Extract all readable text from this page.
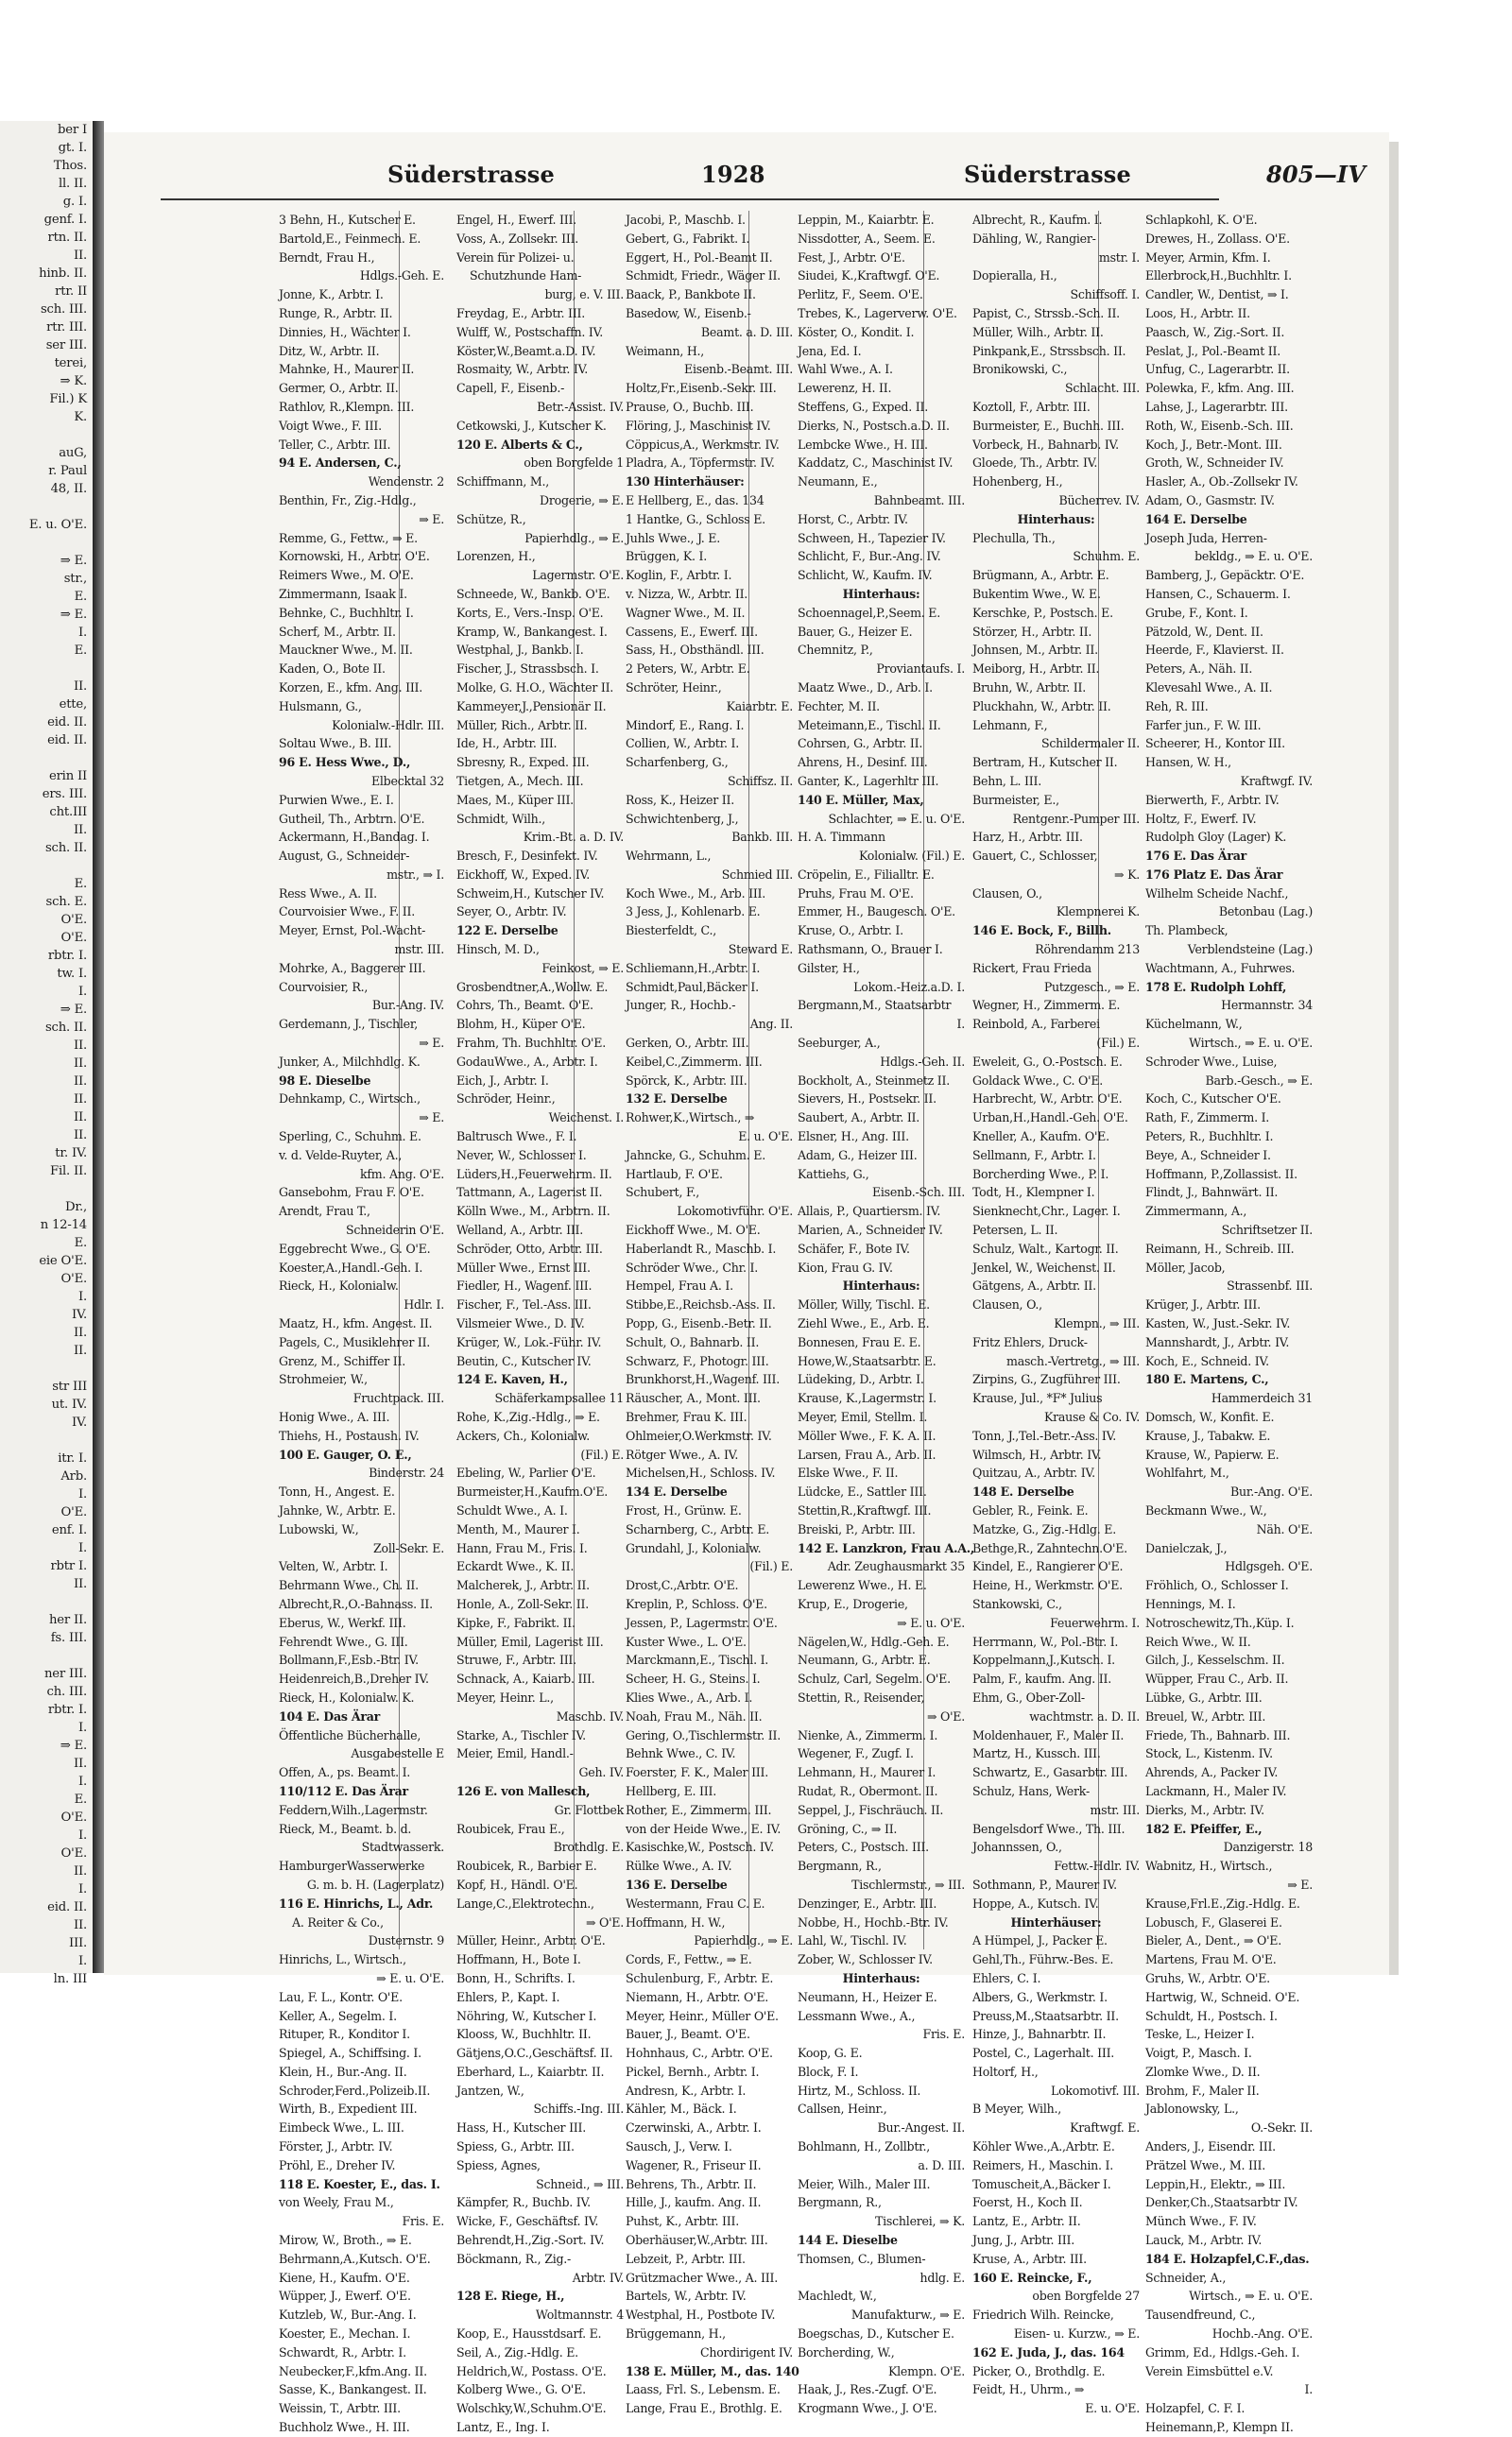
ber I
gt. I.
Thos.
ll. II.
g. I.
genf. I.
rtn. II.
II.
hinb. II.
rtr. II
sch. III.
rtr. III.
ser III.
terei,
⇒ K.
Fil.) K
K.

auG,
r. Paul
48, II.

E. u. O'E.

⇒ E.
str.,
E.
⇒ E.
I.
E.

II.
ette,
eid. II.
eid. II.

erin II
ers. III.
cht.III
II.
sch. II.

E.
sch. E.
O'E.
O'E.
rbtr. I.
tw. I.
I.
⇒ E.
sch. II.
II.
II.
II.
II.
II.
II.
tr. IV.
Fil. II.

Dr.,
n 12-14
E.
eie O'E.
O'E.
I.
IV.
II.
II.

str III
ut. IV.
IV.

itr. I.
Arb.
I.
O'E.
enf. I.
I.
rbtr I.
II.

her II.
fs. III.

ner III.
ch. III.
rbtr. I.
I.
⇒ E.
II.
I.
E.
O'E.
I.
O'E.
II.
I.
eid. II.
II.
III.
I.
ln. III
Süderstrasse	1928	Süderstrasse	805—IV
3 Behn, H., Kutscher E.
Bartold,E., Feinmech. E.
Berndt, Frau H.,
Hdlgs.-Geh. E.
Jonne, K., Arbtr. I.
Runge, R., Arbtr. II.
Dinnies, H., Wächter I.
Ditz, W., Arbtr. II.
Mahnke, H., Maurer II.
Germer, O., Arbtr. II.
Rathlov, R.,Klempn. III.
Voigt Wwe., F. III.
Teller, C., Arbtr. III.
94 E. Andersen, C.,
Wendenstr. 2
Benthin, Fr., Zig.-Hdlg.,
⇒ E.
Remme, G., Fettw., ⇒ E.
Kornowski, H., Arbtr. O'E.
Reimers Wwe., M. O'E.
Zimmermann, Isaak I.
Behnke, C., Buchhltr. I.
Scherf, M., Arbtr. II.
Mauckner Wwe., M. II.
Kaden, O., Bote II.
Korzen, E., kfm. Ang. III.
Hulsmann, G.,
Kolonialw.-Hdlr. III.
Soltau Wwe., B. III.
96 E. Hess Wwe., D.,
Elbecktal 32
Purwien Wwe., E. I.
Gutheil, Th., Arbtrn. O'E.
Ackermann, H.,Bandag. I.
August, G., Schneider-
mstr., ⇒ I.
Ress Wwe., A. II.
Courvoisier Wwe., F. II.
Meyer, Ernst, Pol.-Wacht-
mstr. III.
Mohrke, A., Baggerer III.
Courvoisier, R.,
Bur.-Ang. IV.
Gerdemann, J., Tischler,
⇒ E.
Junker, A., Milchhdlg. K.
98 E. Dieselbe
Dehnkamp, C., Wirtsch.,
⇒ E.
Sperling, C., Schuhm. E.
v. d. Velde-Ruyter, A.,
kfm. Ang. O'E.
Gansebohm, Frau F. O'E.
Arendt, Frau T.,
Schneiderin O'E.
Eggebrecht Wwe., G. O'E.
Koester,A.,Handl.-Geh. I.
Rieck, H., Kolonialw.
Hdlr. I.
Maatz, H., kfm. Angest. II.
Pagels, C., Musiklehrer II.
Grenz, M., Schiffer II.
Strohmeier, W.,
Fruchtpack. III.
Honig Wwe., A. III.
Thiehs, H., Postaush. IV.
100 E. Gauger, O. E.,
Binderstr. 24
Tonn, H., Angest. E.
Jahnke, W., Arbtr. E.
Lubowski, W.,
Zoll-Sekr. E.
Velten, W., Arbtr. I.
Behrmann Wwe., Ch. II.
Albrecht,R.,O.-Bahnass. II.
Eberus, W., Werkf. III.
Fehrendt Wwe., G. III.
Bollmann,F.,Esb.-Btr. IV.
Heidenreich,B.,Dreher IV.
Rieck, H., Kolonialw. K.
104 E. Das Ärar
Öffentliche Bücherhalle,
Ausgabestelle E
Offen, A., ps. Beamt. I.
110/112 E. Das Ärar
Feddern,Wilh.,Lagermstr.
Rieck, M., Beamt. b. d.
Stadtwasserk.
HamburgerWasserwerke
G. m. b. H. (Lagerplatz)
116 E. Hinrichs, L., Adr.
A. Reiter & Co.,
Dusternstr. 9
Hinrichs, L., Wirtsch.,
⇒ E. u. O'E.
Lau, F. L., Kontr. O'E.
Keller, A., Segelm. I.
Rituper, R., Konditor I.
Spiegel, A., Schiffsing. I.
Klein, H., Bur.-Ang. II.
Schroder,Ferd.,Polizeib.II.
Wirth, B., Expedient III.
Eimbeck Wwe., L. III.
Förster, J., Arbtr. IV.
Pröhl, E., Dreher IV.
118 E. Koester, E., das. I.
von Weely, Frau M.,
Fris. E.
Mirow, W., Broth., ⇒ E.
Behrmann,A.,Kutsch. O'E.
Kiene, H., Kaufm. O'E.
Wüpper, J., Ewerf. O'E.
Kutzleb, W., Bur.-Ang. I.
Koester, E., Mechan. I.
Schwardt, R., Arbtr. I.
Neubecker,F.,kfm.Ang. II.
Sasse, K., Bankangest. II.
Weissin, T., Arbtr. III.
Buchholz Wwe., H. III.
Engel, H., Ewerf. III.
Voss, A., Zollsekr. III.
Verein für Polizei- u.
Schutzhunde Ham-
burg, e. V. III.
Freydag, E., Arbtr. III.
Wulff, W., Postschaffn. IV.
Köster,W.,Beamt.a.D. IV.
Rosmaity, W., Arbtr. IV.
Capell, F., Eisenb.-
Betr.-Assist. IV.
Cetkowski, J., Kutscher K.
120 E. Alberts & C.,
oben Borgfelde 1
Schiffmann, M.,
Drogerie, ⇒ E.
Schütze, R.,
Papierhdlg., ⇒ E.
Lorenzen, H.,
Lagermstr. O'E.
Schneede, W., Bankb. O'E.
Korts, E., Vers.-Insp. O'E.
Kramp, W., Bankangest. I.
Westphal, J., Bankb. I.
Fischer, J., Strassbsch. I.
Molke, G. H.O., Wächter II.
Kammeyer,J.,Pensionär II.
Müller, Rich., Arbtr. II.
Ide, H., Arbtr. III.
Sbresny, R., Exped. III.
Tietgen, A., Mech. III.
Maes, M., Küper III.
Schmidt, Wilh.,
Krim.-Bt. a. D. IV.
Bresch, F., Desinfekt. IV.
Eickhoff, W., Exped. IV.
Schweim,H., Kutscher IV.
Seyer, O., Arbtr. IV.
122 E. Derselbe
Hinsch, M. D.,
Feinkost, ⇒ E.
Grosbendtner,A.,Wollw. E.
Cohrs, Th., Beamt. O'E.
Blohm, H., Küper O'E.
Frahm, Th. Buchhltr. O'E.
GodauWwe., A., Arbtr. I.
Eich, J., Arbtr. I.
Schröder, Heinr.,
Weichenst. I.
Baltrusch Wwe., F. I.
Never, W., Schlosser I.
Lüders,H.,Feuerwehrm. II.
Tattmann, A., Lagerist II.
Kölln Wwe., M., Arbtrn. II.
Welland, A., Arbtr. III.
Schröder, Otto, Arbtr. III.
Müller Wwe., Ernst III.
Fiedler, H., Wagenf. III.
Fischer, F., Tel.-Ass. III.
Vilsmeier Wwe., D. IV.
Krüger, W., Lok.-Führ. IV.
Beutin, C., Kutscher IV.
124 E. Kaven, H.,
Schäferkampsallee 11
Rohe, K.,Zig.-Hdlg., ⇒ E.
Ackers, Ch., Kolonialw.
(Fil.) E.
Ebeling, W., Parlier O'E.
Burmeister,H.,Kaufm.O'E.
Schuldt Wwe., A. I.
Menth, M., Maurer I.
Hann, Frau M., Fris. I.
Eckardt Wwe., K. II.
Malcherek, J., Arbtr. II.
Honle, A., Zoll-Sekr. II.
Kipke, F., Fabrikt. II.
Müller, Emil, Lagerist III.
Struwe, F., Arbtr. III.
Schnack, A., Kaiarb. III.
Meyer, Heinr. L.,
Maschb. IV.
Starke, A., Tischler IV.
Meier, Emil, Handl.-
Geh. IV.
126 E. von Mallesch,
Gr. Flottbek
Roubicek, Frau E.,
Brothdlg. E.
Roubicek, R., Barbier E.
Kopf, H., Händl. O'E.
Lange,C.,Elektrotechn.,
⇒ O'E.
Müller, Heinr., Arbtr. O'E.
Hoffmann, H., Bote I.
Bonn, H., Schrifts. I.
Ehlers, P., Kapt. I.
Nöhring, W., Kutscher I.
Klooss, W., Buchhltr. II.
Gätjens,O.C.,Geschäftsf. II.
Eberhard, L., Kaiarbtr. II.
Jantzen, W.,
Schiffs.-Ing. III.
Hass, H., Kutscher III.
Spiess, G., Arbtr. III.
Spiess, Agnes,
Schneid., ⇒ III.
Kämpfer, R., Buchb. IV.
Wicke, F., Geschäftsf. IV.
Behrendt,H.,Zig.-Sort. IV.
Böckmann, R., Zig.-
Arbtr. IV.
128 E. Riege, H.,
Woltmannstr. 4
Koop, E., Hausstdsarf. E.
Seil, A., Zig.-Hdlg. E.
Heldrich,W., Postass. O'E.
Kolberg Wwe., G. O'E.
Wolschky,W.,Schuhm.O'E.
Lantz, E., Ing. I.
Jacobi, P., Maschb. I.
Gebert, G., Fabrikt. I.
Eggert, H., Pol.-Beamt II.
Schmidt, Friedr., Wäger II.
Baack, P., Bankbote II.
Basedow, W., Eisenb.-
Beamt. a. D. III.
Weimann, H.,
Eisenb.-Beamt. III.
Holtz,Fr.,Eisenb.-Sekr. III.
Prause, O., Buchb. III.
Flöring, J., Maschinist IV.
Cöppicus,A., Werkmstr. IV.
Pladra, A., Töpfermstr. IV.
130 Hinterhäuser:
E Hellberg, E., das. 134
1 Hantke, G., Schloss E.
Juhls Wwe., J. E.
Brüggen, K. I.
Koglin, F., Arbtr. I.
v. Nizza, W., Arbtr. II.
Wagner Wwe., M. II.
Cassens, E., Ewerf. III.
Sass, H., Obsthändl. III.
2 Peters, W., Arbtr. E.
Schröter, Heinr.,
Kaiarbtr. E.
Mindorf, E., Rang. I.
Collien, W., Arbtr. I.
Scharfenberg, G.,
Schiffsz. II.
Ross, K., Heizer II.
Schwichtenberg, J.,
Bankb. III.
Wehrmann, L.,
Schmied III.
Koch Wwe., M., Arb. III.
3 Jess, J., Kohlenarb. E.
Biesterfeldt, C.,
Steward E.
Schliemann,H.,Arbtr. I.
Schmidt,Paul,Bäcker I.
Junger, R., Hochb.-
Ang. II.
Gerken, O., Arbtr. III.
Keibel,C.,Zimmerm. III.
Spörck, K., Arbtr. III.
132 E. Derselbe
Rohwer,K.,Wirtsch., ⇒
E. u. O'E.
Jahncke, G., Schuhm. E.
Hartlaub, F. O'E.
Schubert, F.,
Lokomotivführ. O'E.
Eickhoff Wwe., M. O'E.
Haberlandt R., Maschb. I.
Schröder Wwe., Chr. I.
Hempel, Frau A. I.
Stibbe,E.,Reichsb.-Ass. II.
Popp, G., Eisenb.-Betr. II.
Schult, O., Bahnarb. II.
Schwarz, F., Photogr. III.
Brunkhorst,H.,Wagenf. III.
Räuscher, A., Mont. III.
Brehmer, Frau K. III.
Ohlmeier,O.Werkmstr. IV.
Rötger Wwe., A. IV.
Michelsen,H., Schloss. IV.
134 E. Derselbe
Frost, H., Grünw. E.
Scharnberg, C., Arbtr. E.
Grundahl, J., Kolonialw.
(Fil.) E.
Drost,C.,Arbtr. O'E.
Kreplin, P., Schloss. O'E.
Jessen, P., Lagermstr. O'E.
Kuster Wwe., L. O'E.
Marckmann,E., Tischl. I.
Scheer, H. G., Steins. I.
Klies Wwe., A., Arb. I.
Noah, Frau M., Näh. II.
Gering, O.,Tischlermstr. II.
Behnk Wwe., C. IV.
Foerster, F. K., Maler III.
Hellberg, E. III.
Rother, E., Zimmerm. III.
von der Heide Wwe., E. IV.
Kasischke,W., Postsch. IV.
Rülke Wwe., A. IV.
136 E. Derselbe
Westermann, Frau C. E.
Hoffmann, H. W.,
Papierhdlg., ⇒ E.
Cords, F., Fettw., ⇒ E.
Schulenburg, F., Arbtr. E.
Niemann, H., Arbtr. O'E.
Meyer, Heinr., Müller O'E.
Bauer, J., Beamt. O'E.
Hohnhaus, C., Arbtr. O'E.
Pickel, Bernh., Arbtr. I.
Andresn, K., Arbtr. I.
Kähler, M., Bäck. I.
Czerwinski, A., Arbtr. I.
Sausch, J., Verw. I.
Wagener, R., Friseur II.
Behrens, Th., Arbtr. II.
Hille, J., kaufm. Ang. II.
Puhst, K., Arbtr. III.
Oberhäuser,W.,Arbtr. III.
Lebzeit, P., Arbtr. III.
Grützmacher Wwe., A. III.
Bartels, W., Arbtr. IV.
Westphal, H., Postbote IV.
Brüggemann, H.,
Chordirigent IV.
138 E. Müller, M., das. 140
Laass, Frl. S., Lebensm. E.
Lange, Frau E., Brothlg. E.
Leppin, M., Kaiarbtr. E.
Nissdotter, A., Seem. E.
Fest, J., Arbtr. O'E.
Siudei, K.,Kraftwgf. O'E.
Perlitz, F., Seem. O'E.
Trebes, K., Lagerverw. O'E.
Köster, O., Kondit. I.
Jena, Ed. I.
Wahl Wwe., A. I.
Lewerenz, H. II.
Steffens, G., Exped. II.
Dierks, N., Postsch.a.D. II.
Lembcke Wwe., H. III.
Kaddatz, C., Maschinist IV.
Neumann, E.,
Bahnbeamt. III.
Horst, C., Arbtr. IV.
Schween, H., Tapezier IV.
Schlicht, F., Bur.-Ang. IV.
Schlicht, W., Kaufm. IV.
Hinterhaus:
Schoennagel,P.,Seem. E.
Bauer, G., Heizer E.
Chemnitz, P.,
Proviantaufs. I.
Maatz Wwe., D., Arb. I.
Fechter, M. II.
Meteimann,E., Tischl. II.
Cohrsen, G., Arbtr. II.
Ahrens, H., Desinf. III.
Ganter, K., Lagerhltr III.
140 E. Müller, Max,
Schlachter, ⇒ E. u. O'E.
H. A. Timmann
Kolonialw. (Fil.) E.
Cröpelin, E., Filialltr. E.
Pruhs, Frau M. O'E.
Emmer, H., Baugesch. O'E.
Kruse, O., Arbtr. I.
Rathsmann, O., Brauer I.
Gilster, H.,
Lokom.-Heiz.a.D. I.
Bergmann,M., Staatsarbtr
I.
Seeburger, A.,
Hdlgs.-Geh. II.
Bockholt, A., Steinmetz II.
Sievers, H., Postsekr. II.
Saubert, A., Arbtr. II.
Elsner, H., Ang. III.
Adam, G., Heizer III.
Kattiehs, G.,
Eisenb.-Sch. III.
Allais, P., Quartiersm. IV.
Marien, A., Schneider IV.
Schäfer, F., Bote IV.
Kion, Frau G. IV.
Hinterhaus:
Möller, Willy, Tischl. E.
Ziehl Wwe., E., Arb. E.
Bonnesen, Frau E. E.
Howe,W.,Staatsarbtr. E.
Lüdeking, D., Arbtr. I.
Krause, K.,Lagermstr. I.
Meyer, Emil, Stellm. I.
Möller Wwe., F. K. A. II.
Larsen, Frau A., Arb. II.
Elske Wwe., F. II.
Lüdcke, E., Sattler III.
Stettin,R.,Kraftwgf. III.
Breiski, P., Arbtr. III.
142 E. Lanzkron, Frau A.A.,
Adr. Zeughausmarkt 35
Lewerenz Wwe., H. E.
Krup, E., Drogerie,
⇒ E. u. O'E.
Nägelen,W., Hdlg.-Geh. E.
Neumann, G., Arbtr. E.
Schulz, Carl, Segelm. O'E.
Stettin, R., Reisender,
⇒ O'E.
Nienke, A., Zimmerm. I.
Wegener, F., Zugf. I.
Lehmann, H., Maurer I.
Rudat, R., Obermont. II.
Seppel, J., Fischräuch. II.
Gröning, C., ⇒ II.
Peters, C., Postsch. III.
Bergmann, R.,
Tischlermstr., ⇒ III.
Denzinger, E., Arbtr. III.
Nobbe, H., Hochb.-Btr. IV.
Lahl, W., Tischl. IV.
Zober, W., Schlosser IV.
Hinterhaus:
Neumann, H., Heizer E.
Lessmann Wwe., A.,
Fris. E.
Koop, G. E.
Block, F. I.
Hirtz, M., Schloss. II.
Callsen, Heinr.,
Bur.-Angest. II.
Bohlmann, H., Zollbtr.,
a. D. III.
Meier, Wilh., Maler III.
Bergmann, R.,
Tischlerei, ⇒ K.
144 E. Dieselbe
Thomsen, C., Blumen-
hdlg. E.
Machledt, W.,
Manufakturw., ⇒ E.
Boegschas, D., Kutscher E.
Borcherding, W.,
Klempn. O'E.
Haak, J., Res.-Zugf. O'E.
Krogmann Wwe., J. O'E.
Albrecht, R., Kaufm. I.
Dähling, W., Rangier-
mstr. I.
Dopieralla, H.,
Schiffsoff. I.
Papist, C., Strssb.-Sch. II.
Müller, Wilh., Arbtr. II.
Pinkpank,E., Strssbsch. II.
Bronikowski, C.,
Schlacht. III.
Koztoll, F., Arbtr. III.
Burmeister, E., Buchh. III.
Vorbeck, H., Bahnarb. IV.
Gloede, Th., Arbtr. IV.
Hohenberg, H.,
Bücherrev. IV.
Hinterhaus:
Plechulla, Th.,
Schuhm. E.
Brügmann, A., Arbtr. E.
Bukentim Wwe., W. E.
Kerschke, P., Postsch. E.
Störzer, H., Arbtr. II.
Johnsen, M., Arbtr. II.
Meiborg, H., Arbtr. II.
Bruhn, W., Arbtr. II.
Pluckhahn, W., Arbtr. II.
Lehmann, F.,
Schildermaler II.
Bertram, H., Kutscher II.
Behn, L. III.
Burmeister, E.,
Rentgenr.-Pumper III.
Harz, H., Arbtr. III.
Gauert, C., Schlosser,
⇒ K.
Clausen, O.,
Klempnerei K.
146 E. Bock, F., Billh.
Röhrendamm 213
Rickert, Frau Frieda
Putzgesch., ⇒ E.
Wegner, H., Zimmerm. E.
Reinbold, A., Farberei
(Fil.) E.
Eweleit, G., O.-Postsch. E.
Goldack Wwe., C. O'E.
Harbrecht, W., Arbtr. O'E.
Urban,H.,Handl.-Geh. O'E.
Kneller, A., Kaufm. O'E.
Sellmann, F., Arbtr. I.
Borcherding Wwe., P. I.
Todt, H., Klempner I.
Sienknecht,Chr., Lager. I.
Petersen, L. II.
Schulz, Walt., Kartogr. II.
Jenkel, W., Weichenst. II.
Gätgens, A., Arbtr. II.
Clausen, O.,
Klempn., ⇒ III.
Fritz Ehlers, Druck-
masch.-Vertretg., ⇒ III.
Zirpins, G., Zugführer III.
Krause, Jul., *F* Julius
Krause & Co. IV.
Tonn, J.,Tel.-Betr.-Ass. IV.
Wilmsch, H., Arbtr. IV.
Quitzau, A., Arbtr. IV.
148 E. Derselbe
Gebler, R., Feink. E.
Matzke, G., Zig.-Hdlg. E.
Bethge,R., Zahntechn.O'E.
Kindel, E., Rangierer O'E.
Heine, H., Werkmstr. O'E.
Stankowski, C.,
Feuerwehrm. I.
Herrmann, W., Pol.-Btr. I.
Koppelmann,J.,Kutsch. I.
Palm, F., kaufm. Ang. II.
Ehm, G., Ober-Zoll-
wachtmstr. a. D. II.
Moldenhauer, F., Maler II.
Martz, H., Kussch. III.
Schwartz, E., Gasarbtr. III.
Schulz, Hans, Werk-
mstr. III.
Bengelsdorf Wwe., Th. III.
Johannssen, O.,
Fettw.-Hdlr. IV.
Sothmann, P., Maurer IV.
Hoppe, A., Kutsch. IV.
Hinterhäuser:
A Hümpel, J., Packer E.
Gehl,Th., Führw.-Bes. E.
Ehlers, C. I.
Albers, G., Werkmstr. I.
Preuss,M.,Staatsarbtr. II.
Hinze, J., Bahnarbtr. II.
Postel, C., Lagerhalt. III.
Holtorf, H.,
Lokomotivf. III.
B Meyer, Wilh.,
Kraftwgf. E.
Köhler Wwe.,A.,Arbtr. E.
Reimers, H., Maschin. I.
Tomuscheit,A.,Bäcker I.
Foerst, H., Koch II.
Lantz, E., Arbtr. II.
Jung, J., Arbtr. III.
Kruse, A., Arbtr. III.
160 E. Reincke, F.,
oben Borgfelde 27
Friedrich Wilh. Reincke,
Eisen- u. Kurzw., ⇒ E.
162 E. Juda, J., das. 164
Picker, O., Brothdlg. E.
Feidt, H., Uhrm., ⇒
E. u. O'E.
Schlapkohl, K. O'E.
Drewes, H., Zollass. O'E.
Meyer, Armin, Kfm. I.
Ellerbrock,H.,Buchhltr. I.
Candler, W., Dentist, ⇒ I.
Loos, H., Arbtr. II.
Paasch, W., Zig.-Sort. II.
Peslat, J., Pol.-Beamt II.
Unfug, C., Lagerarbtr. II.
Polewka, F., kfm. Ang. III.
Lahse, J., Lagerarbtr. III.
Roth, W., Eisenb.-Sch. III.
Koch, J., Betr.-Mont. III.
Groth, W., Schneider IV.
Hasler, A., Ob.-Zollsekr IV.
Adam, O., Gasmstr. IV.
164 E. Derselbe
Joseph Juda, Herren-
bekldg., ⇒ E. u. O'E.
Bamberg, J., Gepäcktr. O'E.
Hansen, C., Schauerm. I.
Grube, F., Kont. I.
Pätzold, W., Dent. II.
Heerde, F., Klavierst. II.
Peters, A., Näh. II.
Klevesahl Wwe., A. II.
Reh, R. III.
Farfer jun., F. W. III.
Scheerer, H., Kontor III.
Hansen, W. H.,
Kraftwgf. IV.
Bierwerth, F., Arbtr. IV.
Holtz, F., Ewerf. IV.
Rudolph Gloy (Lager) K.
176 E. Das Ärar
176 Platz E. Das Ärar
Wilhelm Scheide Nachf.,
Betonbau (Lag.)
Th. Plambeck,
Verblendsteine (Lag.)
Wachtmann, A., Fuhrwes.
178 E. Rudolph Lohff,
Hermannstr. 34
Küchelmann, W.,
Wirtsch., ⇒ E. u. O'E.
Schroder Wwe., Luise,
Barb.-Gesch., ⇒ E.
Koch, C., Kutscher O'E.
Rath, F., Zimmerm. I.
Peters, R., Buchhltr. I.
Beye, A., Schneider I.
Hoffmann, P.,Zollassist. II.
Flindt, J., Bahnwärt. II.
Zimmermann, A.,
Schriftsetzer II.
Reimann, H., Schreib. III.
Möller, Jacob,
Strassenbf. III.
Krüger, J., Arbtr. III.
Kasten, W., Just.-Sekr. IV.
Mannshardt, J., Arbtr. IV.
Koch, E., Schneid. IV.
180 E. Martens, C.,
Hammerdeich 31
Domsch, W., Konfit. E.
Krause, J., Tabakw. E.
Krause, W., Papierw. E.
Wohlfahrt, M.,
Bur.-Ang. O'E.
Beckmann Wwe., W.,
Näh. O'E.
Danielczak, J.,
Hdlgsgeh. O'E.
Fröhlich, O., Schlosser I.
Hennings, M. I.
Notroschewitz,Th.,Küp. I.
Reich Wwe., W. II.
Gilch, J., Kesselschm. II.
Wüpper, Frau C., Arb. II.
Lübke, G., Arbtr. III.
Breuel, W., Arbtr. III.
Friede, Th., Bahnarb. III.
Stock, L., Kistenm. IV.
Ahrends, A., Packer IV.
Lackmann, H., Maler IV.
Dierks, M., Arbtr. IV.
182 E. Pfeiffer, E.,
Danzigerstr. 18
Wabnitz, H., Wirtsch.,
⇒ E.
Krause,Frl.E.,Zig.-Hdlg. E.
Lobusch, F., Glaserei E.
Bieler, A., Dent., ⇒ O'E.
Martens, Frau M. O'E.
Gruhs, W., Arbtr. O'E.
Hartwig, W., Schneid. O'E.
Schuldt, H., Postsch. I.
Teske, L., Heizer I.
Voigt, P., Masch. I.
Zlomke Wwe., D. II.
Brohm, F., Maler II.
Jablonowsky, L.,
O.-Sekr. II.
Anders, J., Eisendr. III.
Prätzel Wwe., M. III.
Leppin,H., Elektr., ⇒ III.
Denker,Ch.,Staatsarbtr IV.
Münch Wwe., F. IV.
Lauck, M., Arbtr. IV.
184 E. Holzapfel,C.F.,das.
Schneider, A.,
Wirtsch., ⇒ E. u. O'E.
Tausendfreund, C.,
Hochb.-Ang. O'E.
Grimm, Ed., Hdlgs.-Geh. I.
Verein Eimsbüttel e.V.
I.
Holzapfel, C. F. I.
Heinemann,P., Klempn II.
